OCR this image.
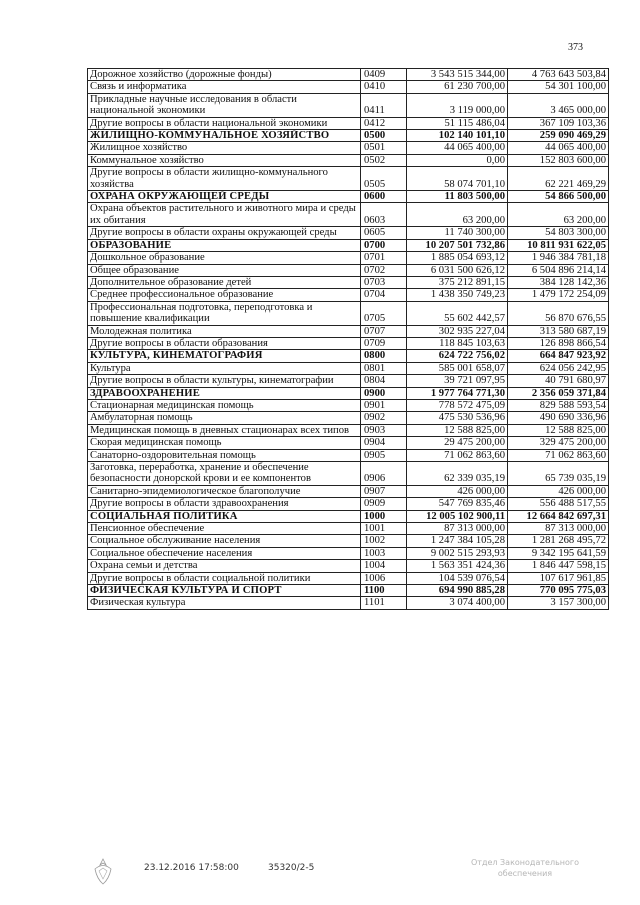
373
Дорожное хозяйство (дорожные фонды)	0409	3 543 515 344,00	4 763 643 503,84
Связь и информатика	0410	61 230 700,00	54 301 100,00
Прикладные научные исследования в области национальной экономики	0411	3 119 000,00	3 465 000,00
Другие вопросы в области национальной экономики	0412	51 115 486,04	367 109 103,36
ЖИЛИЩНО-КОММУНАЛЬНОЕ ХОЗЯЙСТВО	0500	102 140 101,10	259 090 469,29
Жилищное хозяйство	0501	44 065 400,00	44 065 400,00
Коммунальное хозяйство	0502	0,00	152 803 600,00
Другие вопросы в области жилищно-коммунального хозяйства	0505	58 074 701,10	62 221 469,29
ОХРАНА ОКРУЖАЮЩЕЙ СРЕДЫ	0600	11 803 500,00	54 866 500,00
Охрана объектов растительного и животного мира и среды их обитания	0603	63 200,00	63 200,00
Другие вопросы в области охраны окружающей среды	0605	11 740 300,00	54 803 300,00
ОБРАЗОВАНИЕ	0700	10 207 501 732,86	10 811 931 622,05
Дошкольное образование	0701	1 885 054 693,12	1 946 384 781,18
Общее образование	0702	6 031 500 626,12	6 504 896 214,14
Дополнительное образование детей	0703	375 212 891,15	384 128 142,36
Среднее профессиональное образование	0704	1 438 350 749,23	1 479 172 254,09
Профессиональная подготовка, переподготовка и повышение квалификации	0705	55 602 442,57	56 870 676,55
Молодежная политика	0707	302 935 227,04	313 580 687,19
Другие вопросы в области образования	0709	118 845 103,63	126 898 866,54
КУЛЬТУРА, КИНЕМАТОГРАФИЯ	0800	624 722 756,02	664 847 923,92
Культура	0801	585 001 658,07	624 056 242,95
Другие вопросы в области культуры, кинематографии	0804	39 721 097,95	40 791 680,97
ЗДРАВООХРАНЕНИЕ	0900	1 977 764 771,30	2 356 059 371,84
Стационарная медицинская помощь	0901	778 572 475,09	829 588 593,54
Амбулаторная помощь	0902	475 530 536,96	490 690 336,96
Медицинская помощь в дневных стационарах всех типов	0903	12 588 825,00	12 588 825,00
Скорая медицинская помощь	0904	29 475 200,00	329 475 200,00
Санаторно-оздоровительная помощь	0905	71 062 863,60	71 062 863,60
Заготовка, переработка, хранение и обеспечение безопасности донорской крови и ее компонентов	0906	62 339 035,19	65 739 035,19
Санитарно-эпидемиологическое благополучие	0907	426 000,00	426 000,00
Другие вопросы в области здравоохранения	0909	547 769 835,46	556 488 517,55
СОЦИАЛЬНАЯ ПОЛИТИКА	1000	12 005 102 900,11	12 664 842 697,31
Пенсионное обеспечение	1001	87 313 000,00	87 313 000,00
Социальное обслуживание населения	1002	1 247 384 105,28	1 281 268 495,72
Социальное обеспечение населения	1003	9 002 515 293,93	9 342 195 641,59
Охрана семьи и детства	1004	1 563 351 424,36	1 846 447 598,15
Другие вопросы в области социальной политики	1006	104 539 076,54	107 617 961,85
ФИЗИЧЕСКАЯ КУЛЬТУРА И СПОРТ	1100	694 990 885,28	770 095 775,03
Физическая культура	1101	3 074 400,00	3 157 300,00
23.12.2016 17:58:00	35320/2-5
Отдел Законодательного
обеспечения
